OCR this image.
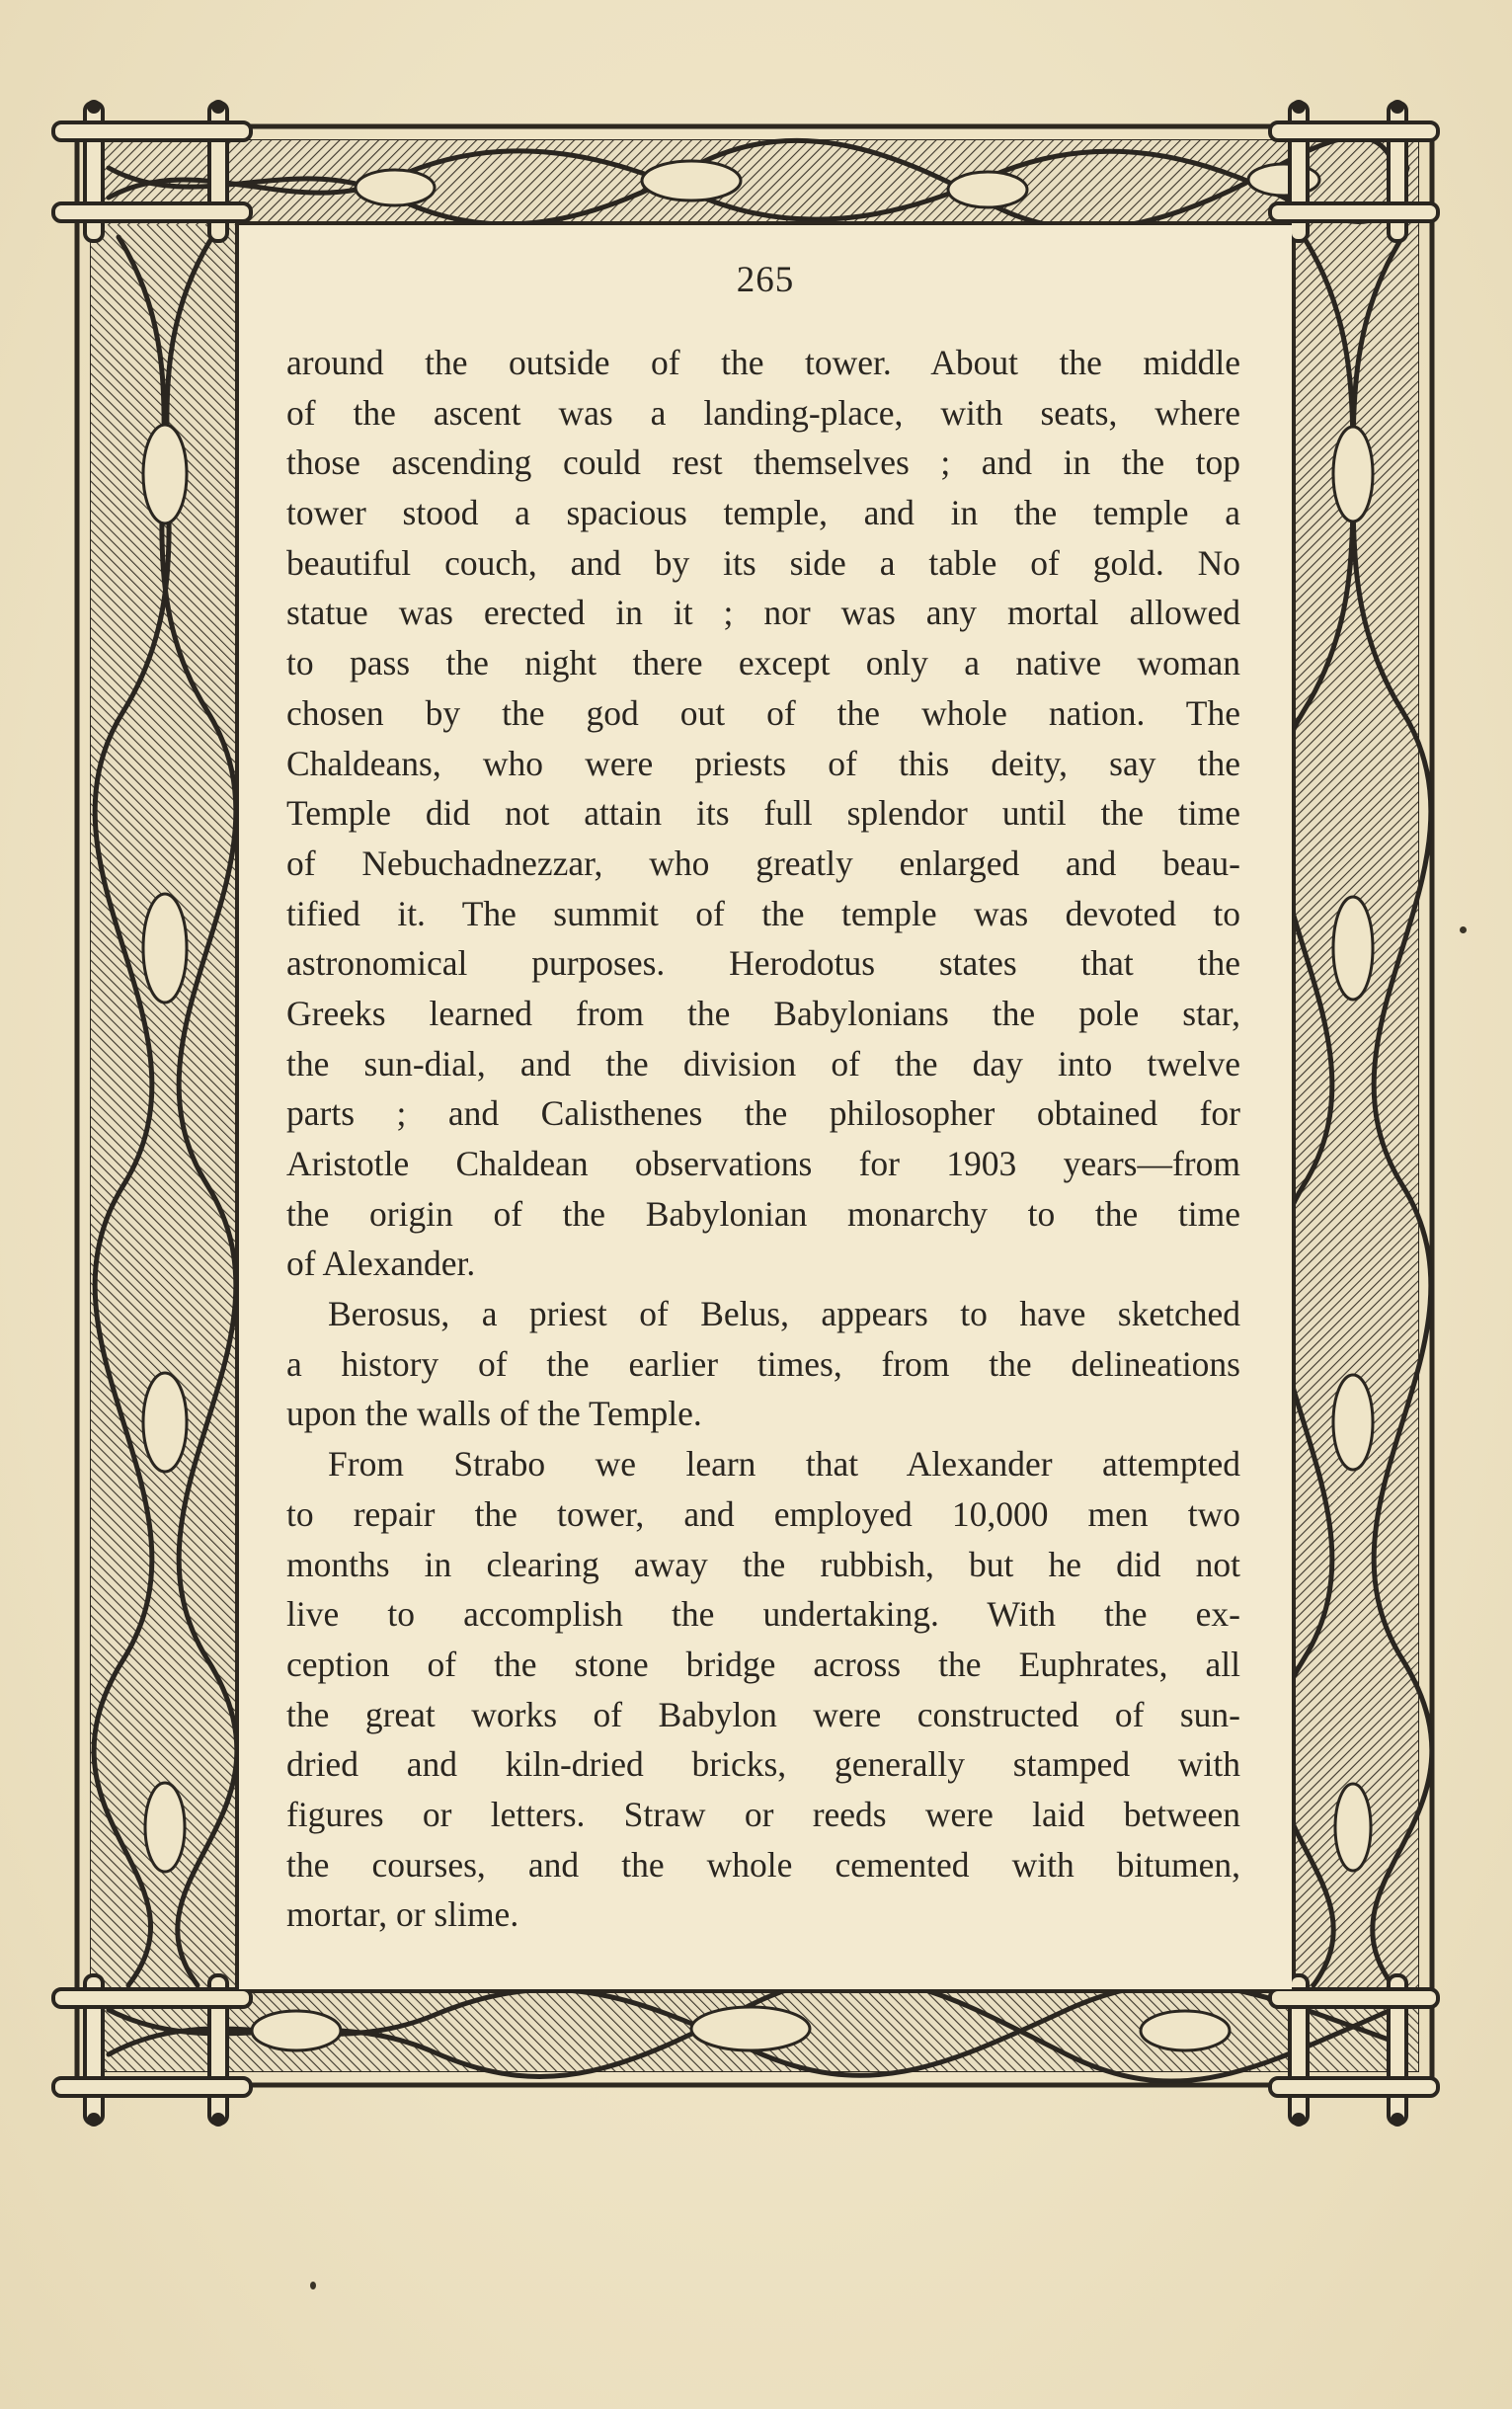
265
around the outside of the tower. About the middle
of the ascent was a landing-place, with seats, where
those ascending could rest themselves ; and in the top
tower stood a spacious temple, and in the temple a
beautiful couch, and by its side a table of gold. No
statue was erected in it ; nor was any mortal allowed
to pass the night there except only a native woman
chosen by the god out of the whole nation. The
Chaldeans, who were priests of this deity, say the
Temple did not attain its full splendor until the time
of Nebuchadnezzar, who greatly enlarged and beau-
tified it. The summit of the temple was devoted to
astronomical purposes. Herodotus states that the
Greeks learned from the Babylonians the pole star,
the sun-dial, and the division of the day into twelve
parts ; and Calisthenes the philosopher obtained for
Aristotle Chaldean observations for 1903 years—from
the origin of the Babylonian monarchy to the time
of Alexander.
Berosus, a priest of Belus, appears to have sketched
a history of the earlier times, from the delineations
upon the walls of the Temple.
From Strabo we learn that Alexander attempted
to repair the tower, and employed 10,000 men two
months in clearing away the rubbish, but he did not
live to accomplish the undertaking. With the ex-
ception of the stone bridge across the Euphrates, all
the great works of Babylon were constructed of sun-
dried and kiln-dried bricks, generally stamped with
figures or letters. Straw or reeds were laid between
the courses, and the whole cemented with bitumen,
mortar, or slime.
